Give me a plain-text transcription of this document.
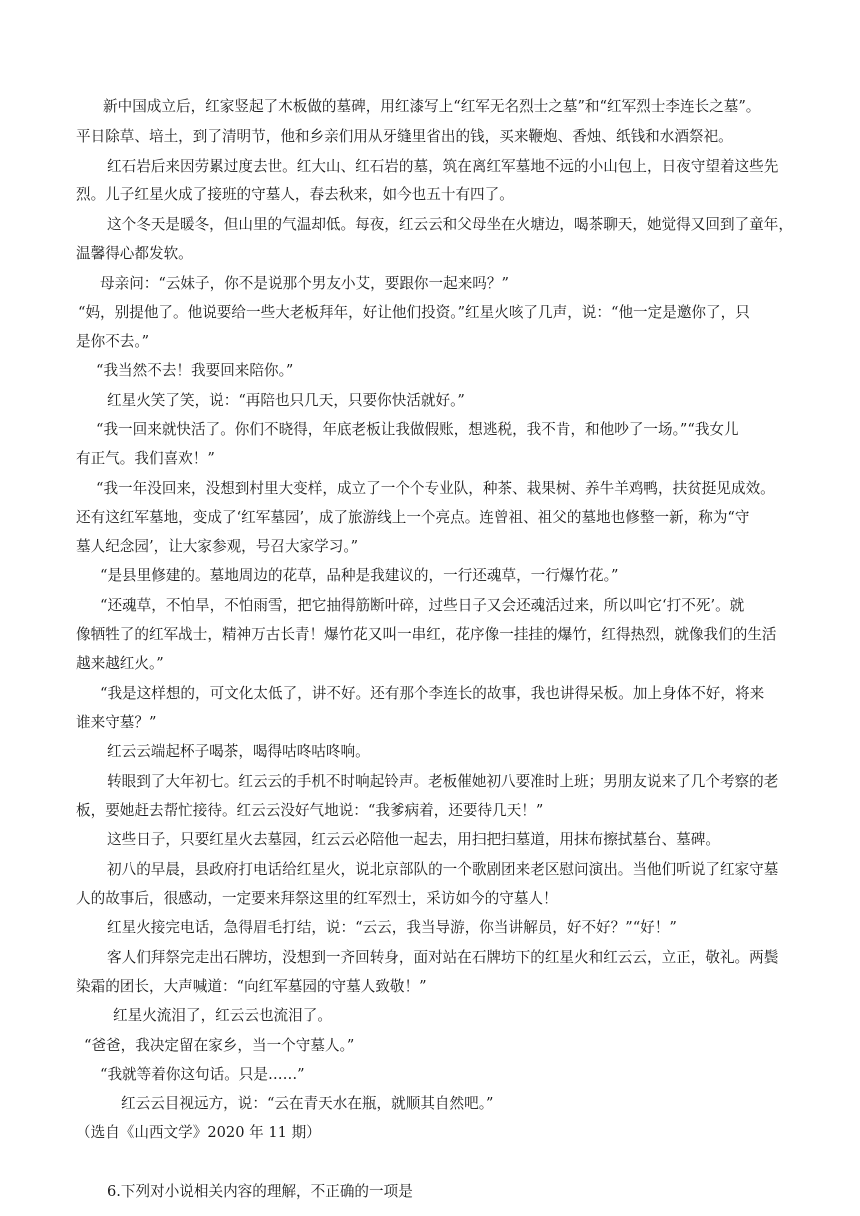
新中国成立后，红家竖起了木板做的墓碑，用红漆写上“红军无名烈士之墓”和“红军烈士李连长之墓”。
平日除草、培土，到了清明节，他和乡亲们用从牙缝里省出的钱，买来鞭炮、香烛、纸钱和水酒祭祀。
红石岩后来因劳累过度去世。红大山、红石岩的墓，筑在离红军墓地不远的小山包上，日夜守望着这些先
烈。儿子红星火成了接班的守墓人，春去秋来，如今也五十有四了。
这个冬天是暖冬，但山里的气温却低。每夜，红云云和父母坐在火塘边，喝茶聊天，她觉得又回到了童年，
温馨得心都发软。
母亲问：“云妹子，你不是说那个男友小艾，要跟你一起来吗？”
“妈，别提他了。他说要给一些大老板拜年，好让他们投资。”红星火咳了几声，说：“他一定是邀你了，只
是你不去。”
“我当然不去！我要回来陪你。”
红星火笑了笑，说：“再陪也只几天，只要你快活就好。”
“我一回来就快活了。你们不晓得，年底老板让我做假账，想逃税，我不肯，和他吵了一场。”“我女儿
有正气。我们喜欢！”
“我一年没回来，没想到村里大变样，成立了一个个专业队，种茶、栽果树、养牛羊鸡鸭，扶贫挺见成效。
还有这红军墓地，变成了‘红军墓园’，成了旅游线上一个亮点。连曾祖、祖父的墓地也修整一新，称为“守
墓人纪念园’，让大家参观，号召大家学习。”
“是县里修建的。墓地周边的花草，品种是我建议的，一行还魂草，一行爆竹花。”
“还魂草，不怕旱，不怕雨雪，把它抽得筋断叶碎，过些日子又会还魂活过来，所以叫它‘打不死’。就
像牺牲了的红军战士，精神万古长青！爆竹花又叫一串红，花序像一挂挂的爆竹，红得热烈，就像我们的生活
越来越红火。”
“我是这样想的，可文化太低了，讲不好。还有那个李连长的故事，我也讲得呆板。加上身体不好，将来
谁来守墓？”
红云云端起杯子喝茶，喝得咕咚咕咚响。
转眼到了大年初七。红云云的手机不时响起铃声。老板催她初八要准时上班；男朋友说来了几个考察的老
板，要她赶去帮忙接待。红云云没好气地说：“我爹病着，还要待几天！”
这些日子，只要红星火去墓园，红云云必陪他一起去，用扫把扫墓道，用抹布擦拭墓台、墓碑。
初八的早晨，县政府打电话给红星火，说北京部队的一个歌剧团来老区慰问演出。当他们听说了红家守墓
人的故事后，很感动，一定要来拜祭这里的红军烈士，采访如今的守墓人！
红星火接完电话，急得眉毛打结，说：“云云，我当导游，你当讲解员，好不好？”“好！”
客人们拜祭完走出石牌坊，没想到一齐回转身，面对站在石牌坊下的红星火和红云云，立正，敬礼。两鬓
染霜的团长，大声喊道：“向红军墓园的守墓人致敬！”
红星火流泪了，红云云也流泪了。
“爸爸，我决定留在家乡，当一个守墓人。”
“我就等着你这句话。只是……”
红云云目视远方，说：“云在青天水在瓶，就顺其自然吧。”
（选自《山西文学》2020 年 11 期）
6.下列对小说相关内容的理解，不正确的一项是
